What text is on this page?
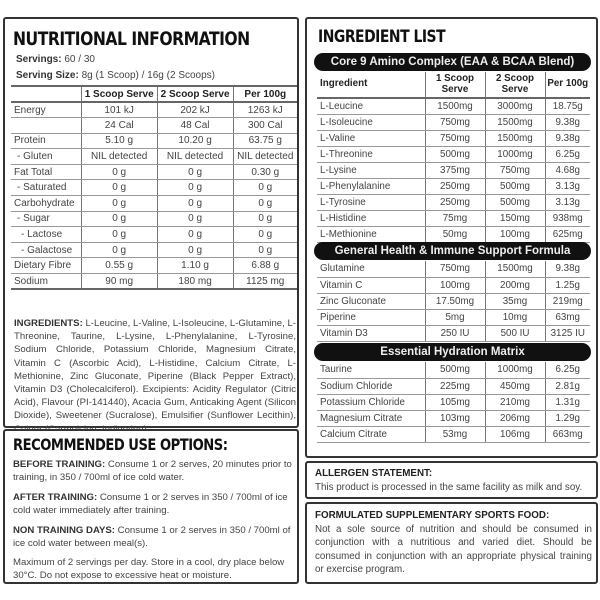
NUTRITIONAL INFORMATION
Servings: 60 / 30
Serving Size: 8g (1 Scoop) / 16g (2 Scoops)
	1 Scoop Serve	2 Scoop Serve	Per 100g
Energy	101 kJ	202 kJ	1263 kJ
	24 Cal	48 Cal	300 Cal
Protein	5.10 g	10.20 g	63.75 g
- Gluten	NIL detected	NIL detected	NIL detected
Fat Total	0 g	0 g	0.30 g
- Saturated	0 g	0 g	0 g
Carbohydrate	0 g	0 g	0 g
- Sugar	0 g	0 g	0 g
- Lactose	0 g	0 g	0 g
- Galactose	0 g	0 g	0 g
Dietary Fibre	0.55 g	1.10 g	6.88 g
Sodium	90 mg	180 mg	1125 mg
INGREDIENTS: L-Leucine, L-Valine, L-Isoleucine, L-Glutamine, L-Threonine, Taurine, L-Lysine, L-Phenylalanine, L-Tyrosine, Sodium Chloride, Potassium Chloride, Magnesium Citrate, Vitamin C (Ascorbic Acid), L-Histidine, Calcium Citrate, L-Methionine, Zinc Gluconate, Piperine (Black Pepper Extract), Vitamin D3 (Cholecalciferol). Excipients: Acidity Regulator (Citric Acid), Flavour (PI-141440), Acacia Gum, Anticaking Agent (Silicon Dioxide), Sweetener (Sucralose), Emulsifier (Sunflower Lecithin),
RECOMMENDED USE OPTIONS:
BEFORE TRAINING: Consume 1 or 2 serves, 20 minutes prior to training, in 350 / 700ml of ice cold water.
AFTER TRAINING: Consume 1 or 2 serves in 350 / 700ml of ice cold water immediately after training.
NON TRAINING DAYS: Consume 1 or 2 serves in 350 / 700ml of ice cold water between meal(s).
Maximum of 2 servings per day. Store in a cool, dry place below 30°C. Do not expose to excessive heat or moisture.
INGREDIENT LIST
Core 9 Amino Complex (EAA & BCAA Blend)
Ingredient	1 Scoop Serve	2 Scoop Serve	Per 100g
L-Leucine	1500mg	3000mg	18.75g
L-Isoleucine	750mg	1500mg	9.38g
L-Valine	750mg	1500mg	9.38g
L-Threonine	500mg	1000mg	6.25g
L-Lysine	375mg	750mg	4.68g
L-Phenylalanine	250mg	500mg	3.13g
L-Tyrosine	250mg	500mg	3.13g
L-Histidine	75mg	150mg	938mg
L-Methionine	50mg	100mg	625mg
General Health & Immune Support Formula
Glutamine	750mg	1500mg	9.38g
Vitamin C	100mg	200mg	1.25g
Zinc Gluconate	17.50mg	35mg	219mg
Piperine	5mg	10mg	63mg
Vitamin D3	250 IU	500 IU	3125 IU
Essential Hydration Matrix
Taurine	500mg	1000mg	6.25g
Sodium Chloride	225mg	450mg	2.81g
Potassium Chloride	105mg	210mg	1.31g
Magnesium Citrate	103mg	206mg	1.29g
Calcium Citrate	53mg	106mg	663mg
ALLERGEN STATEMENT:
This product is processed in the same facility as milk and soy.
FORMULATED SUPPLEMENTARY SPORTS FOOD:
Not a sole source of nutrition and should be consumed in conjunction with a nutritious and varied diet. Should be consumed in conjunction with an appropriate physical training or exercise program.
